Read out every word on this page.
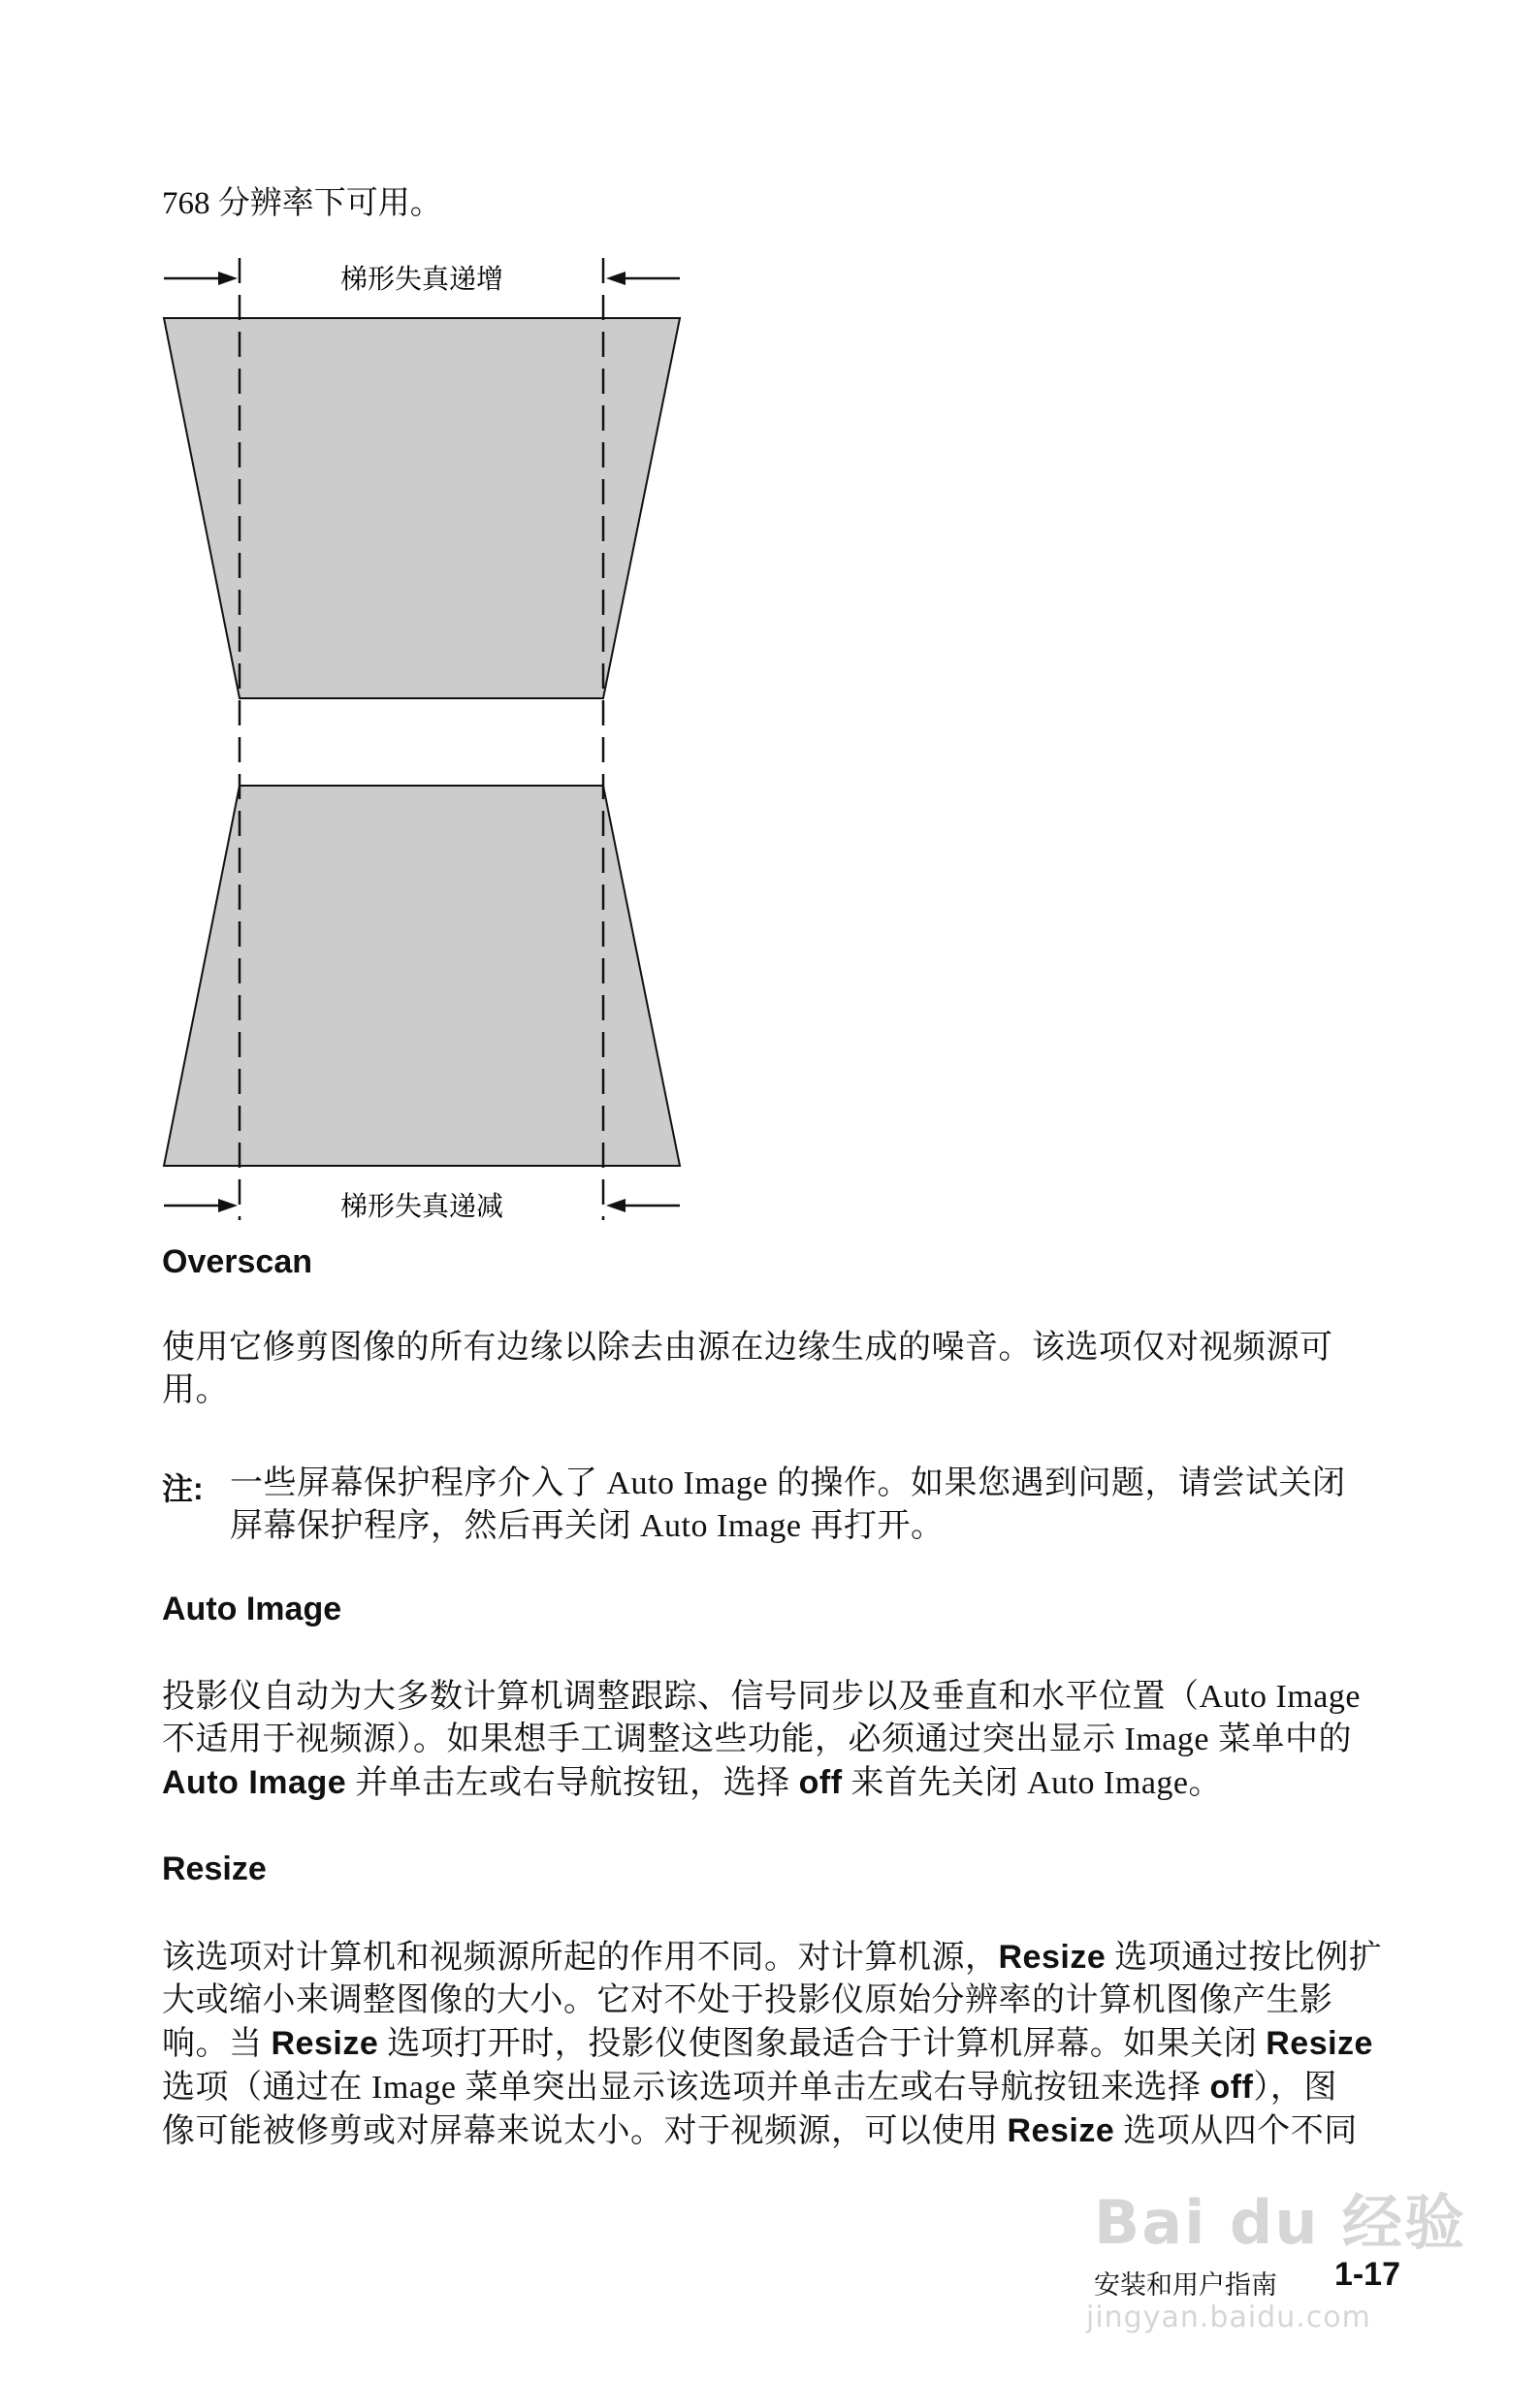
768 分辨率下可用。
梯形失真递增
梯形失真递减
Overscan
使用它修剪图像的所有边缘以除去由源在边缘生成的噪音。该选项仅对视频源可
用。
注: 一些屏幕保护程序介入了 Auto Image 的操作。如果您遇到问题，请尝试关闭
屏幕保护程序，然后再关闭 Auto Image 再打开。
Auto Image
投影仪自动为大多数计算机调整跟踪、信号同步以及垂直和水平位置（Auto Image
不适用于视频源）。如果想手工调整这些功能，必须通过突出显示 Image 菜单中的
Auto Image 并单击左或右导航按钮，选择 off 来首先关闭 Auto Image。
Resize
该选项对计算机和视频源所起的作用不同。对计算机源，Resize 选项通过按比例扩
大或缩小来调整图像的大小。它对不处于投影仪原始分辨率的计算机图像产生影
响。当 Resize 选项打开时，投影仪使图象最适合于计算机屏幕。如果关闭 Resize
选项（通过在 Image 菜单突出显示该选项并单击左或右导航按钮来选择 off），图
像可能被修剪或对屏幕来说太小。对于视频源，可以使用 Resize 选项从四个不同
Bai du 经验
安装和用户指南 1-17
jingyan.baidu.com
